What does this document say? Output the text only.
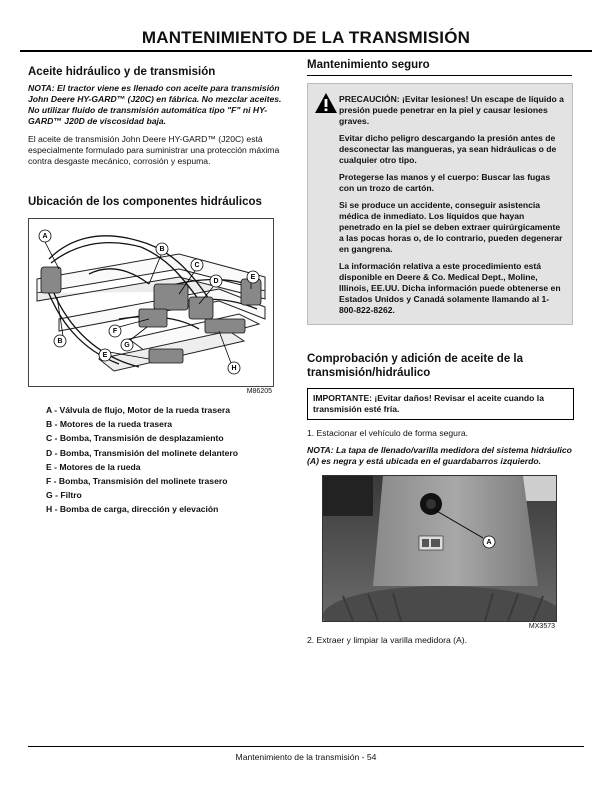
MANTENIMIENTO DE LA TRANSMISIÓN
Aceite hidráulico y de transmisión

NOTA: El tractor viene es llenado con aceite para transmisión John Deere HY-GARD™ (J20C) en fábrica. No mezclar aceites. No utilizar fluido de transmisión automática tipo "F" ni HY-GARD™ J20D de viscosidad baja.

El aceite de transmisión John Deere HY-GARD™ (J20C) está especialmente formulado para suministrar una protección máxima contra desgaste mecánico, corrosión y espuma.

Ubicación de los componentes hidráulicos
A
B
C
D
E
F
G
B
E
H
M86205
A - Válvula de flujo, Motor de la rueda trasera
B - Motores de la rueda trasera
C - Bomba, Transmisión de desplazamiento
D - Bomba, Transmisión del molinete delantero
E - Motores de la rueda
F - Bomba, Transmisión del molinete trasero
G - Filtro
H - Bomba de carga, dirección y elevación
Mantenimiento seguro

PRECAUCIÓN: ¡Evitar lesiones! Un escape de líquido a presión puede penetrar en la piel y causar lesiones graves.

Evitar dicho peligro descargando la presión antes de desconectar las mangueras, ya sean hidráulicas o de cualquier otro tipo.

Protegerse las manos y el cuerpo: Buscar las fugas con un trozo de cartón.

Si se produce un accidente, conseguir asistencia médica de inmediato. Los líquidos que hayan penetrado en la piel se deben extraer quirúrgicamente a las pocas horas o, de lo contrario, pueden degenerar en gangrena.

La información relativa a este procedimiento está disponible en Deere & Co. Medical Dept., Moline, Illinois, EE.UU. Dicha información puede obtenerse en Estados Unidos y Canadá solamente llamando al 1-800-822-8262.

Comprobación y adición de aceite de la transmisión/hidráulico

IMPORTANTE: ¡Evitar daños! Revisar el aceite cuando la transmisión esté fría.

1. Estacionar el vehículo de forma segura.

NOTA: La tapa de llenado/varilla medidora del sistema hidráulico (A) es negra y está ubicada en el guardabarros izquierdo.

A
MX3573

2. Extraer y limpiar la varilla medidora (A).

Mantenimiento de la transmisión - 54
